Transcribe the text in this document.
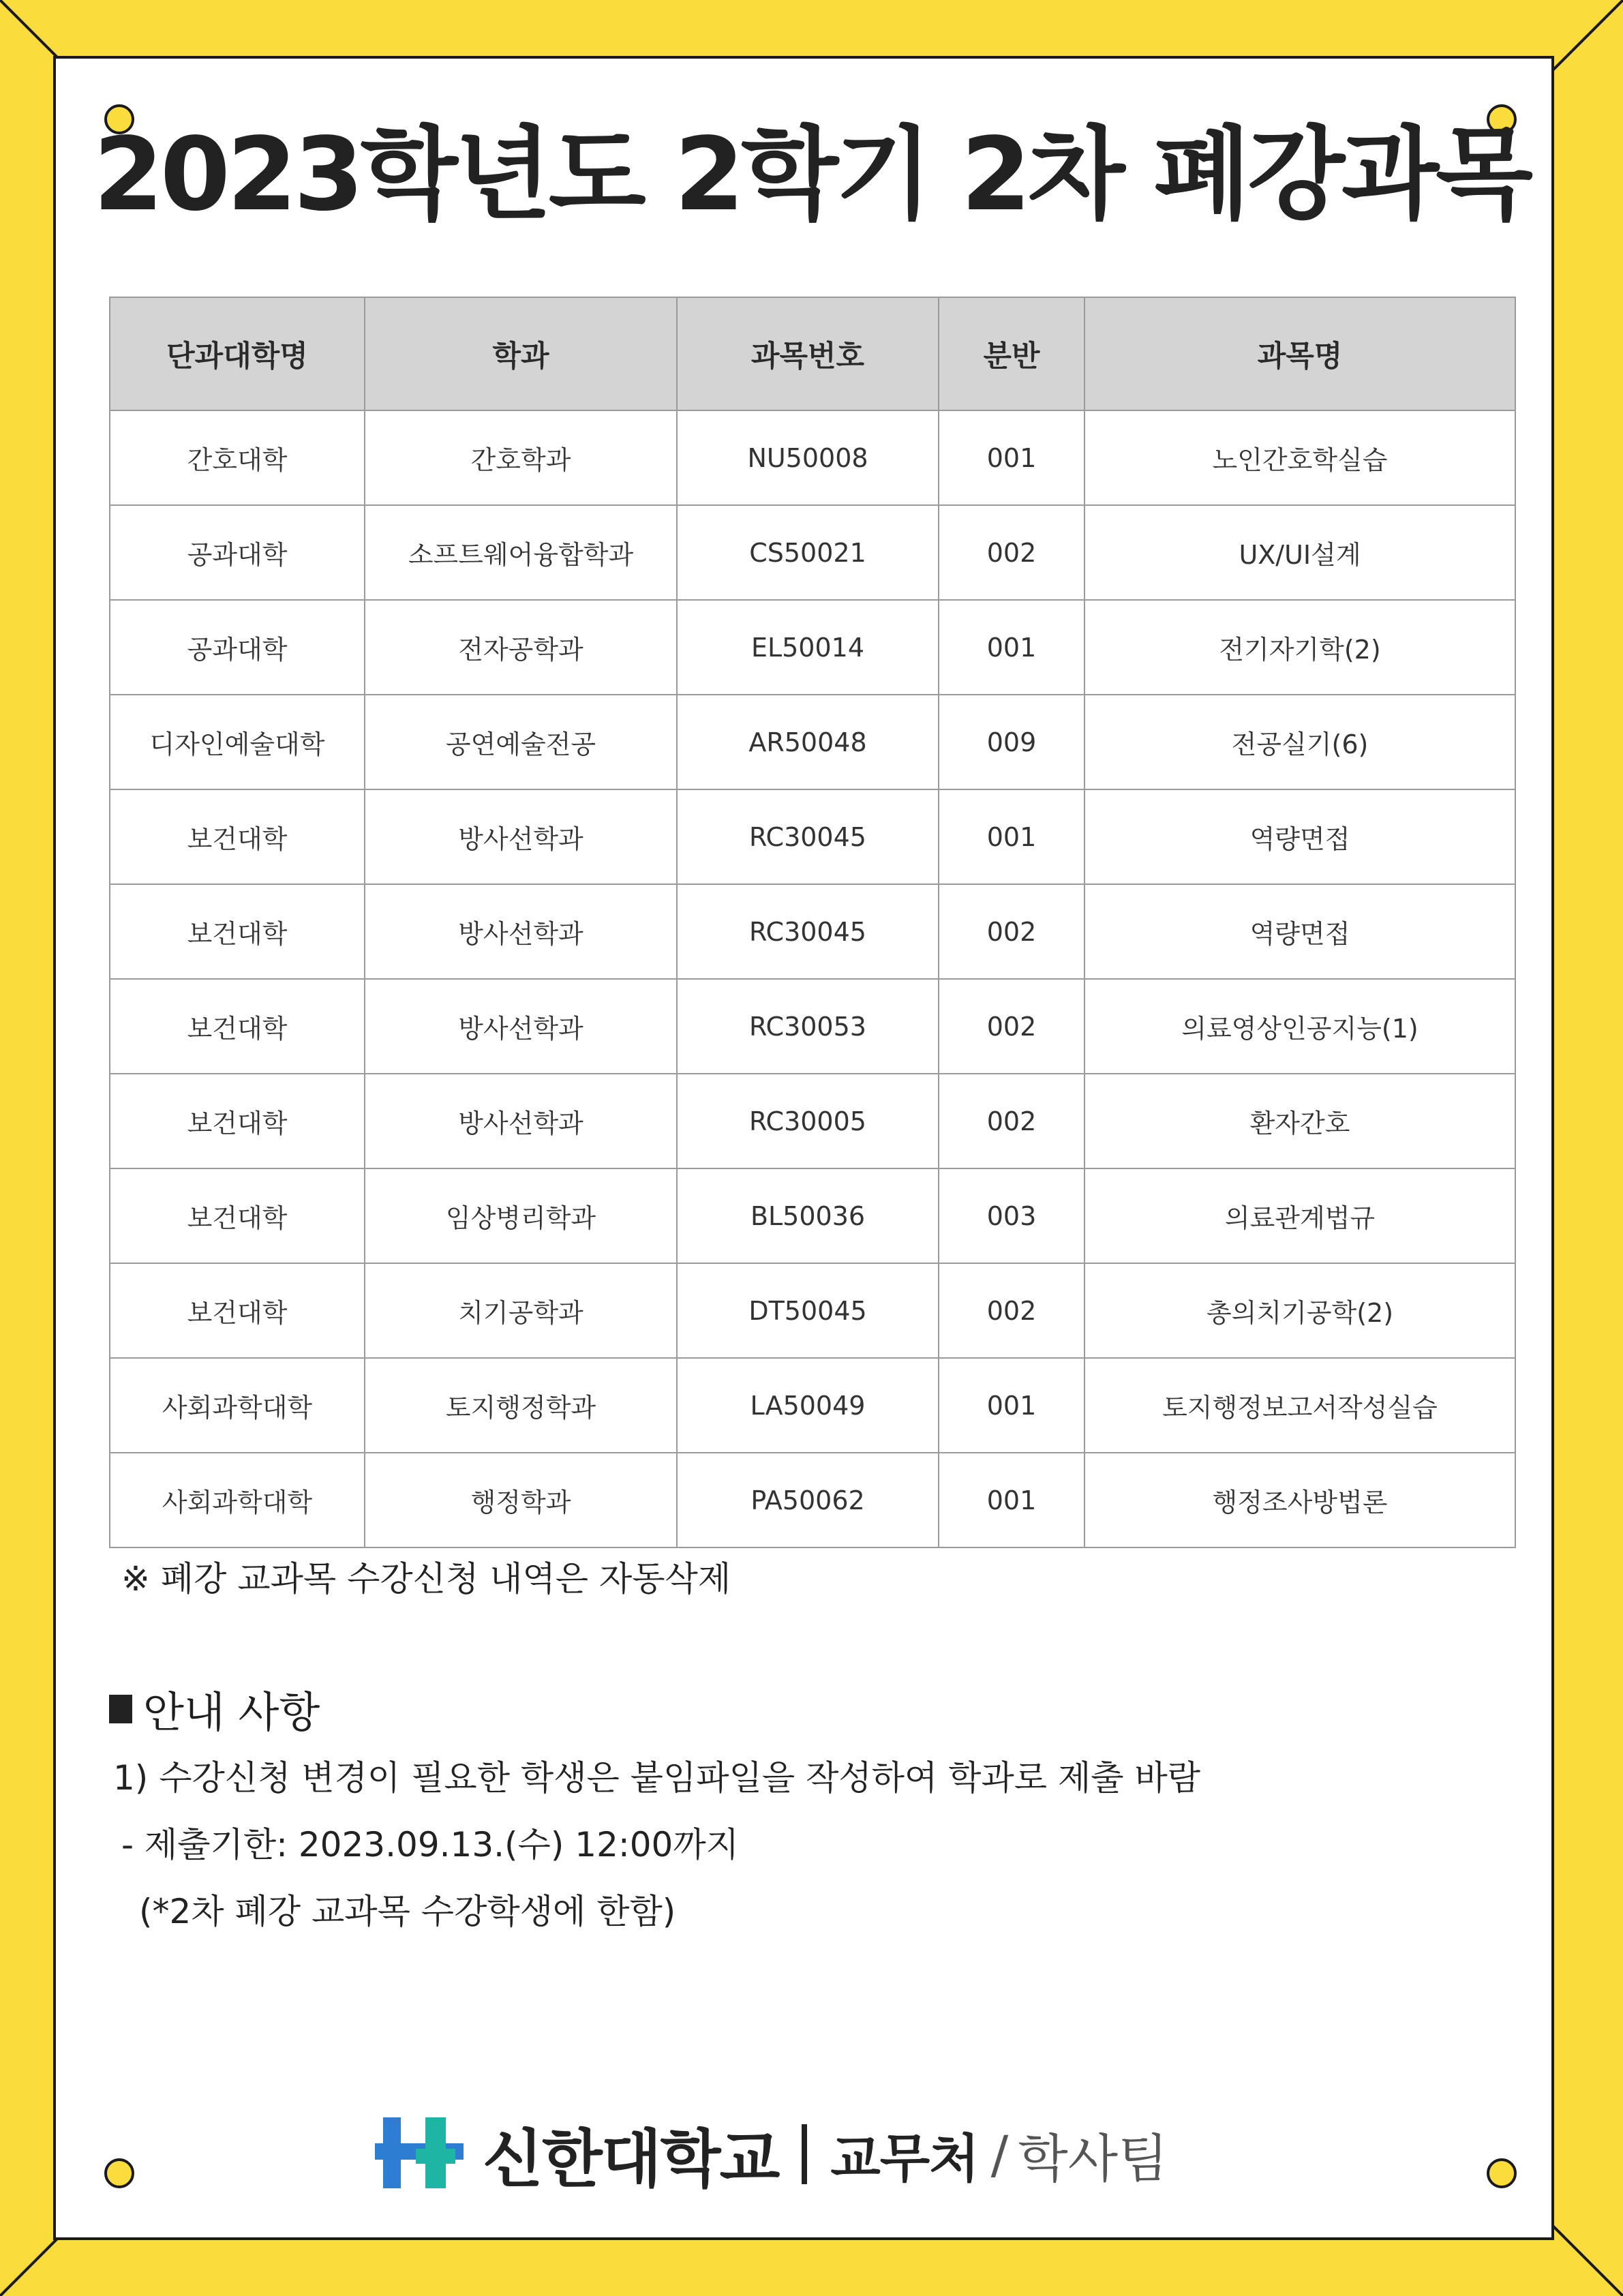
2023학년도 2학기 2차 폐강과목
단과대학명	학과	과목번호	분반	과목명
간호대학	간호학과	NU50008	001	노인간호학실습
공과대학	소프트웨어융합학과	CS50021	002	UX/UI설계
공과대학	전자공학과	EL50014	001	전기자기학(2)
디자인예술대학	공연예술전공	AR50048	009	전공실기(6)
보건대학	방사선학과	RC30045	001	역량면접
보건대학	방사선학과	RC30045	002	역량면접
보건대학	방사선학과	RC30053	002	의료영상인공지능(1)
보건대학	방사선학과	RC30005	002	환자간호
보건대학	임상병리학과	BL50036	003	의료관계법규
보건대학	치기공학과	DT50045	002	총의치기공학(2)
사회과학대학	토지행정학과	LA50049	001	토지행정보고서작성실습
사회과학대학	행정학과	PA50062	001	행정조사방법론
※ 폐강 교과목 수강신청 내역은 자동삭제
안내 사항
1) 수강신청 변경이 필요한 학생은 붙임파일을 작성하여 학과로 제출 바람
- 제출기한: 2023.09.13.(수) 12:00까지
(*2차 폐강 교과목 수강학생에 한함)
신한대학교 교무처 / 학사팀
